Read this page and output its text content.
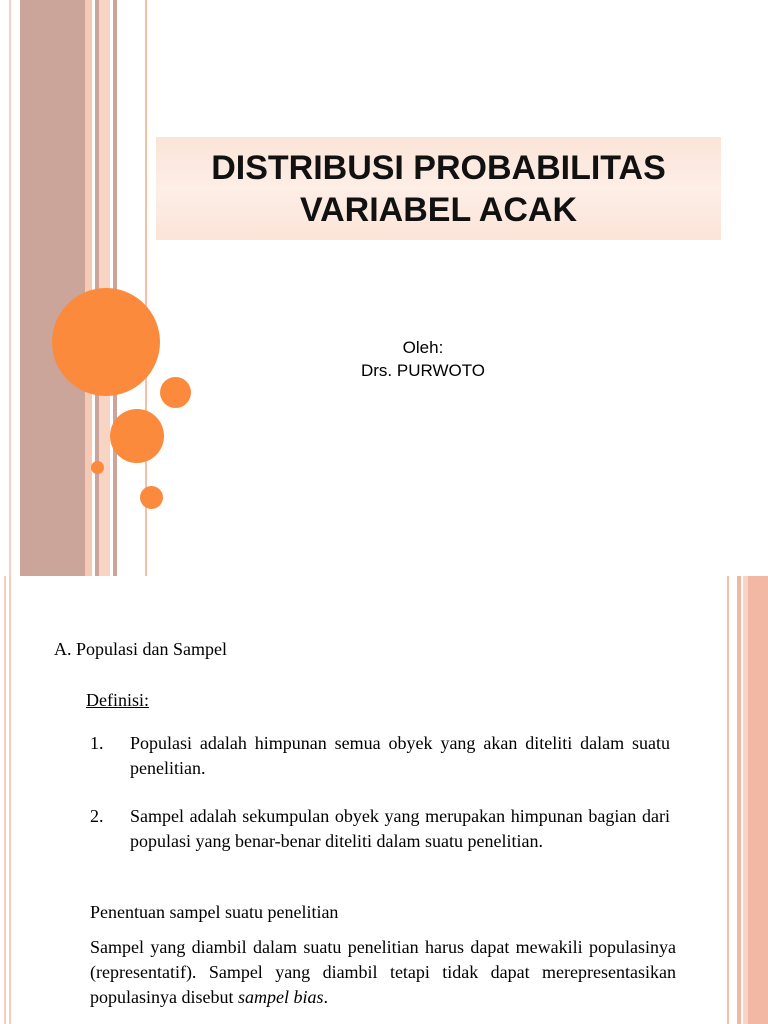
DISTRIBUSI PROBABILITAS
VARIABEL ACAK
Oleh:
Drs. PURWOTO
A. Populasi dan Sampel
Definisi:
1.	Populasi adalah himpunan semua obyek yang akan diteliti dalam suatu penelitian.
2.	Sampel adalah sekumpulan obyek yang merupakan himpunan bagian dari populasi yang benar-benar diteliti dalam suatu penelitian.
Penentuan sampel suatu penelitian
Sampel yang diambil dalam suatu penelitian harus dapat mewakili populasinya (representatif). Sampel yang diambil tetapi tidak dapat merepresentasikan populasinya disebut sampel bias.
